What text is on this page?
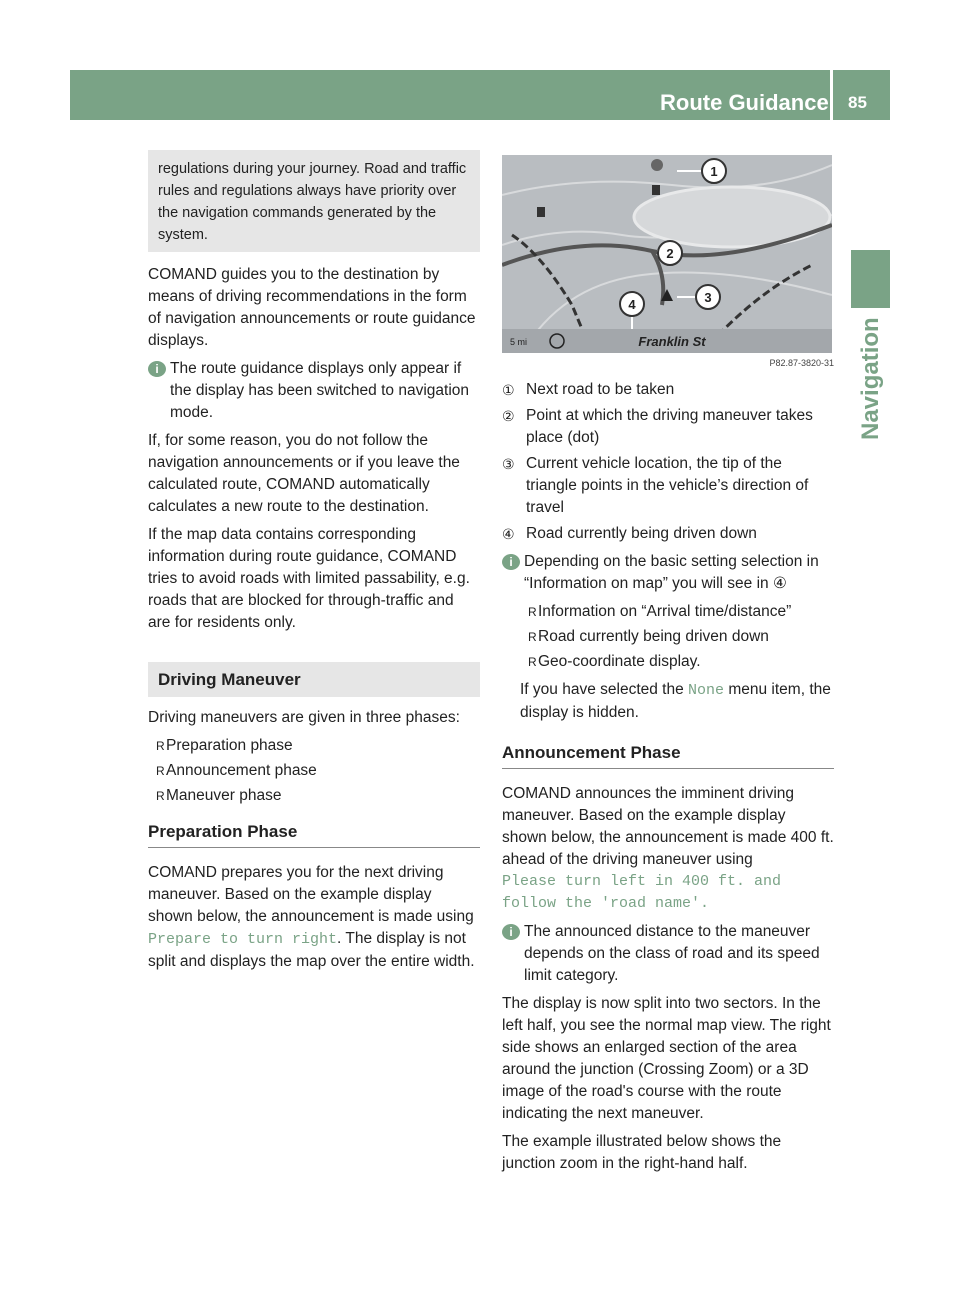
Route Guidance 85
Navigation
regulations during your journey. Road and traffic rules and regulations always have priority over the navigation commands generated by the system.

COMAND guides you to the destination by means of driving recommendations in the form of navigation announcements or route guidance displays.

i The route guidance displays only appear if the display has been switched to navigation mode.

If, for some reason, you do not follow the navigation announcements or if you leave the calculated route, COMAND automatically calculates a new route to the destination.

If the map data contains corresponding information during route guidance, COMAND tries to avoid roads with limited passability, e.g. roads that are blocked for through-traffic and are for residents only.

Driving Maneuver

Driving maneuvers are given in three phases:

R Preparation phase
R Announcement phase
R Maneuver phase
Preparation Phase

COMAND prepares you for the next driving maneuver. Based on the example display shown below, the announcement is made using Prepare to turn right. The display is not split and displays the map over the entire width.

1
2
3
4
5 mi	Franklin St
P82.87-3820-31
① Next road to be taken
② Point at which the driving maneuver takes place (dot)
③ Current vehicle location, the tip of the triangle points in the vehicle’s direction of travel
④ Road currently being driven down
i Depending on the basic setting selection in “Information on map” you will see in ④
R Information on “Arrival time/distance”
R Road currently being driven down
R Geo-coordinate display.

If you have selected the None menu item, the display is hidden.

Announcement Phase

COMAND announces the imminent driving maneuver. Based on the example display shown below, the announcement is made 400 ft. ahead of the driving maneuver using

Please turn left in 400 ft. and follow the 'road name'.

i The announced distance to the maneuver depends on the class of road and its speed limit category.

The display is now split into two sectors. In the left half, you see the normal map view. The right side shows an enlarged section of the area around the junction (Crossing Zoom) or a 3D image of the road's course with the route indicating the next maneuver.

The example illustrated below shows the junction zoom in the right-hand half.
